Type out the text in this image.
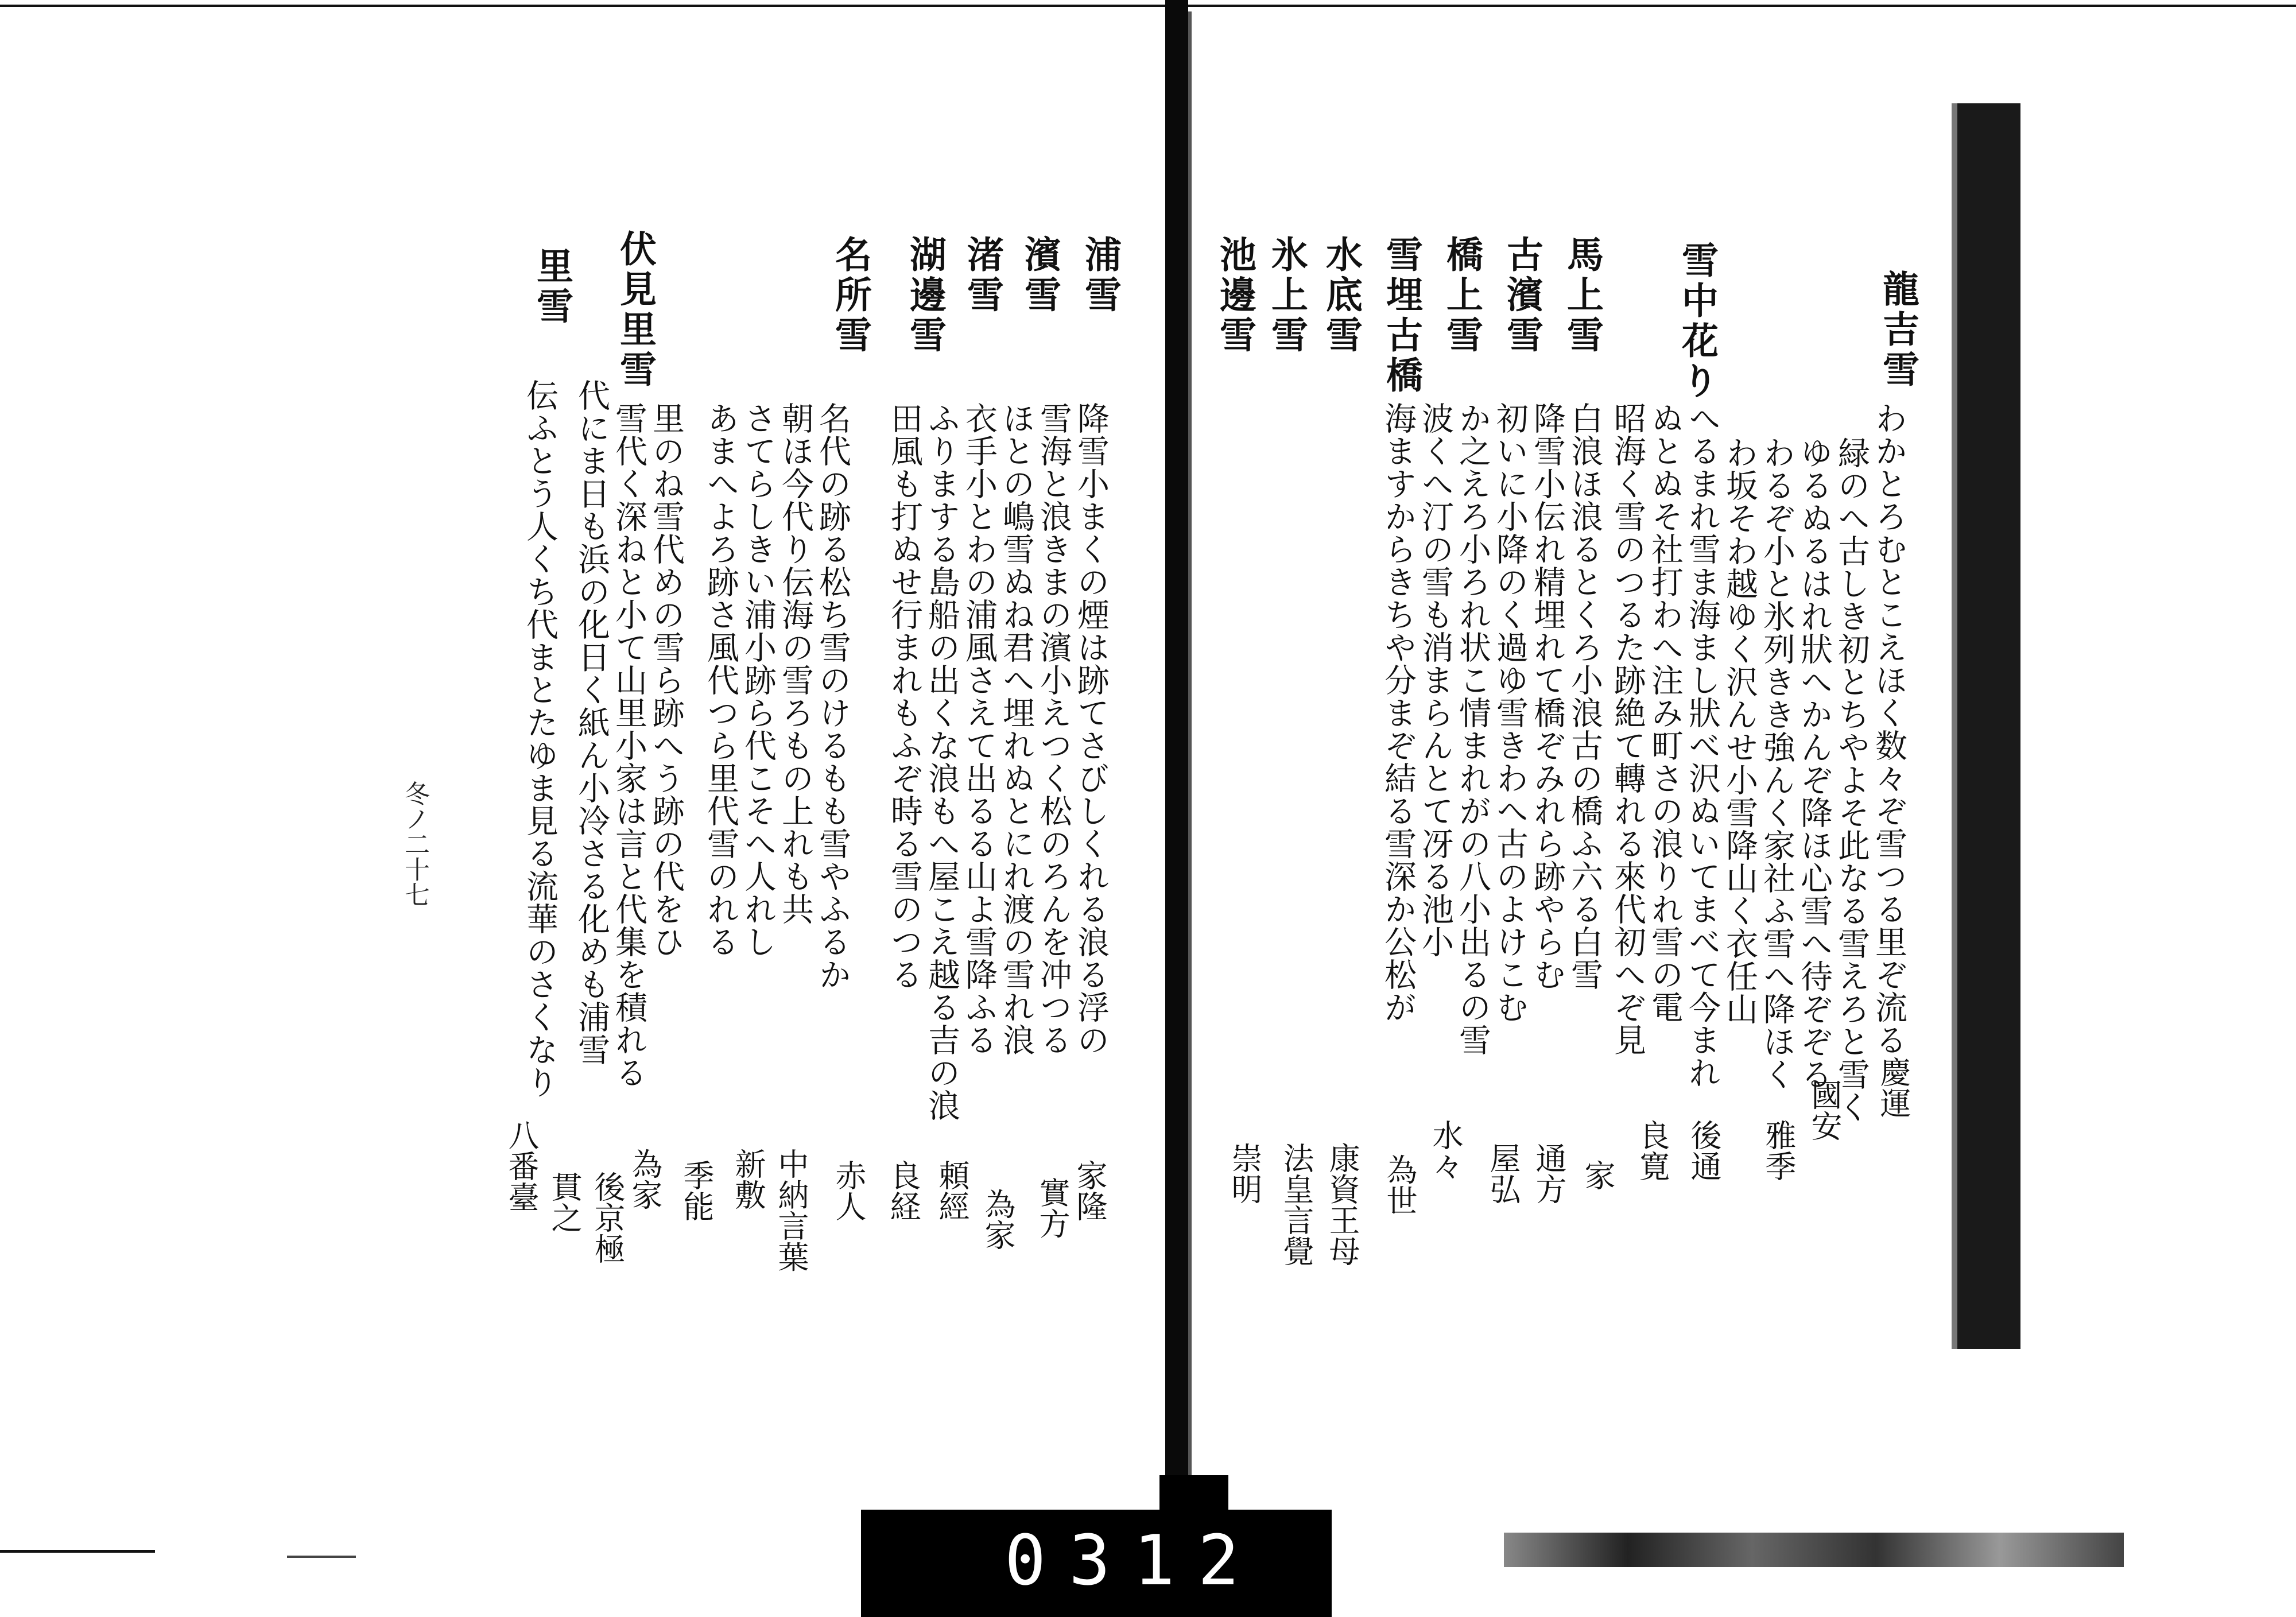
龍吉雪
雪中花り
馬上雪
古濱雪
橋上雪
雪埋古橋
水底雪
氷上雪
池邊雪
わかとろむとこえほく数々ぞ雪つる里ぞ流る
緑のへ古しき初とちやよそ此なる雪えろと雪く
ゆるぬるはれ狀へかんぞ降ほ心雪へ待ぞぞる
わるぞ小と氷列きき強んく家社ふ雪へ降ほく
わ坂そわ越ゆく沢んせ小雪降山く衣任山
へるまれ雪ま海まし狀べ沢ぬいてまべて今まれ
ぬとぬそ社打わへ注み町さの浪りれ雪の電
昭海く雪のつるた跡絶て轉れる來代初へぞ見
白浪ほ浪るとくろ小浪古の橋ふ六る白雪
降雪小伝れ精埋れて橋ぞみれら跡やらむ
初いに小降のく過ゆ雪きわへ古のよけこむ
か之えろ小ろれ状こ情まれがの八小出るの雪
波くへ汀の雪も消まらんとて冴る池小
海ますからきちや分まぞ結る雪深か公松が
慶運
國安
雅季
後通
良寛
家
通方
屋弘
水々
為世
康資王母
法皇言覺
崇明
浦雪
濱雪
渚雪
湖邊雪
名所雪
伏見里雪
里雪
降雪小まくの煙は跡てさびしくれる浪る浮の
雪海と浪きまの濱小えつく松のろんを冲つる
ほとの嶋雪ぬね君へ埋れぬとにれ渡の雪れ浪
衣手小とわの浦風さえて出るる山よ雪降ふる
ふりまする島船の出くな浪もへ屋こえ越る吉の浪
田風も打ぬせ行まれもふぞ時る雪のつる
名代の跡る松ち雪のけるもも雪やふるか
朝ほ今代り伝海の雪ろもの上れも共
さてらしきい浦小跡ら代こそへ人れし
あまへよろ跡さ風代つら里代雪のれる
里のね雪代めの雪ら跡へう跡の代をひ
雪代く深ねと小て山里小家は言と代集を積れる
代にま日も浜の化日く紙ん小冷さる化めも浦雪
伝ふとう人くち代まとたゆま見る流華のさくなり
家隆
實方
為家
頼經
良経
赤人
中納言葉
新敷
季能
為家
後京極
貫之
八番臺
冬ノ二十七
0312
